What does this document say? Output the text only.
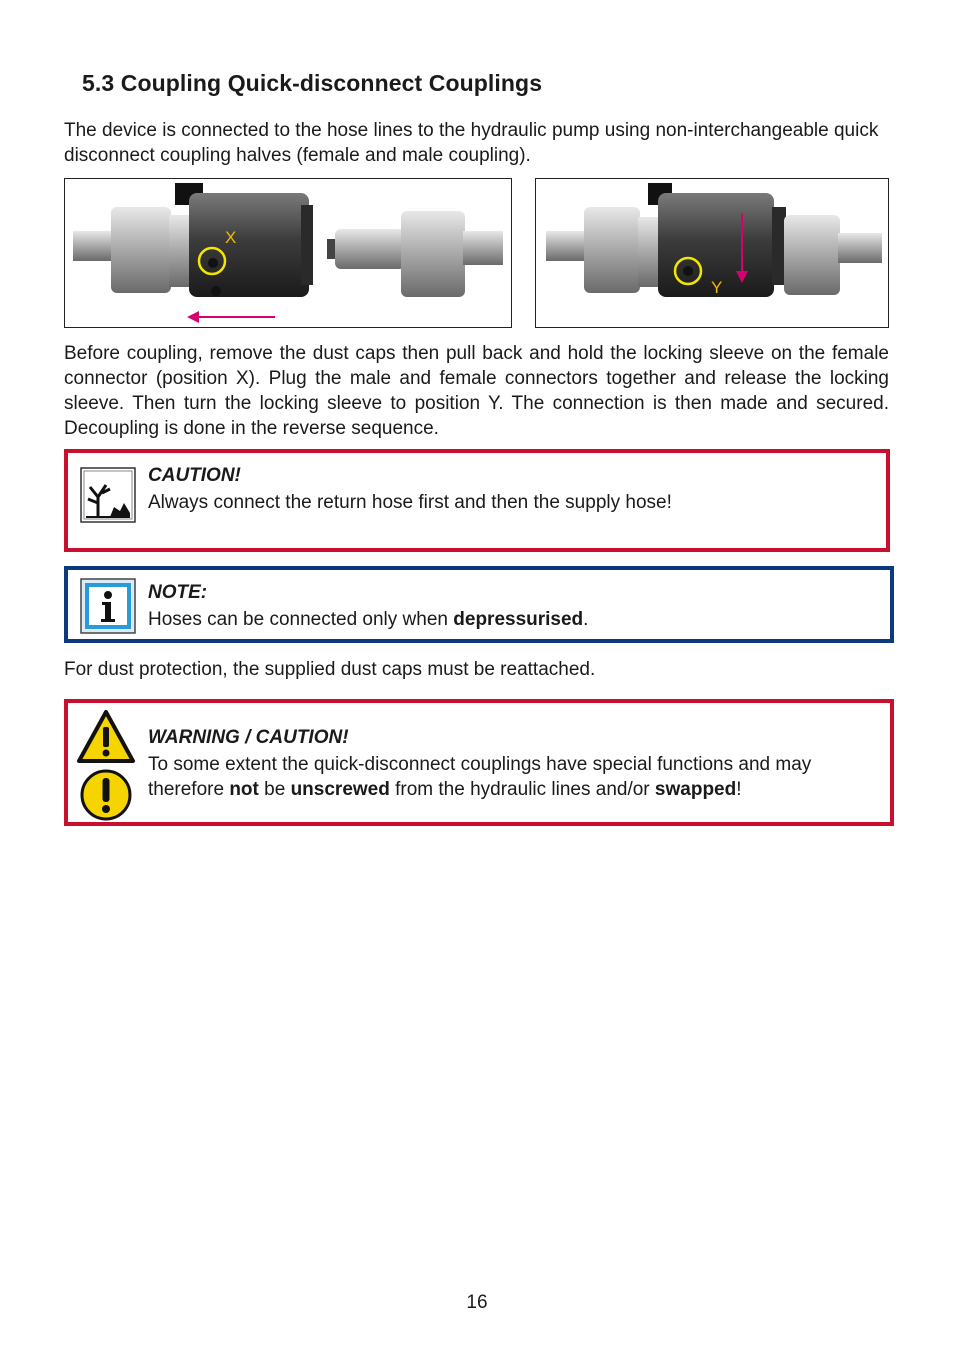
5.3 Coupling Quick-disconnect Couplings

The device is connected to the hose lines to the hydraulic pump using non-interchangeable quick disconnect coupling halves (female and male coupling).

X
Y

Before coupling, remove the dust caps then pull back and hold the locking sleeve on the female connector (position X). Plug the male and female connectors together and release the locking sleeve. Then turn the locking sleeve to position Y. The connection is then made and secured. Decoupling is done in the reverse sequence.

CAUTION!
Always connect the return hose first and then the supply hose!
NOTE:
Hoses can be connected only when depressurised.

For dust protection, the supplied dust caps must be reattached.

WARNING / CAUTION!
To some extent the quick-disconnect couplings have special functions and may
therefore not be unscrewed from the hydraulic lines and/or swapped!
16
